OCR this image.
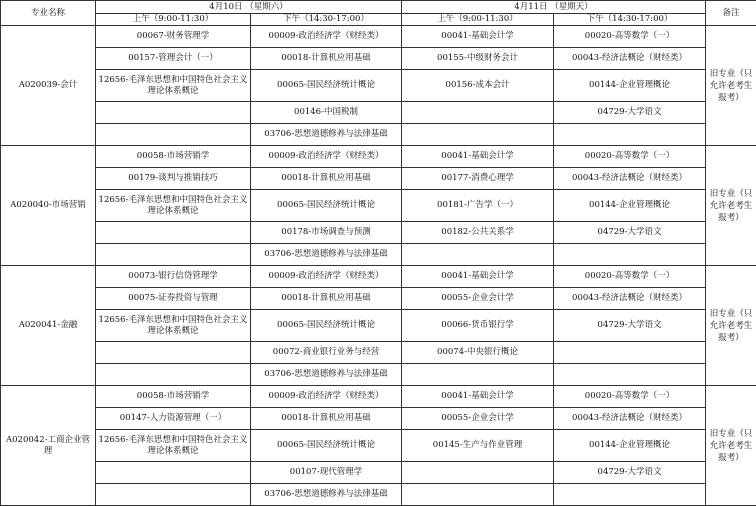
专业名称	4月10日 （星期六）		4月11日 （星期天）		备注
	上午（9:00-11:30）	下午（14:30-17:00）	上午（9:00-11:30）	下午（14:30-17:00）	
A020039-会计	00067-财务管理学	00009-政治经济学（财经类）	00041-基础会计学	00020-高等数学（一）	旧专业（只允许老考生报考）
	00157-管理会计（一）	00018-计算机应用基础	00155-中级财务会计	00043-经济法概论（财经类）	
	12656-毛泽东思想和中国特色社会主义理论体系概论	00065-国民经济统计概论	00156-成本会计	00144-企业管理概论	
		00146-中国税制		04729-大学语文	
		03706-思想道德修养与法律基础			
A020040-市场营销	00058-市场营销学	00009-政治经济学（财经类）	00041-基础会计学	00020-高等数学（一）	旧专业（只允许老考生报考）
	00179-谈判与推销技巧	00018-计算机应用基础	00177-消费心理学	00043-经济法概论（财经类）	
	12656-毛泽东思想和中国特色社会主义理论体系概论	00065-国民经济统计概论	00181-广告学（一）	00144-企业管理概论	
		00178-市场调查与预测	00182-公共关系学	04729-大学语文	
		03706-思想道德修养与法律基础			
A020041-金融	00073-银行信贷管理学	00009-政治经济学（财经类）	00041-基础会计学	00020-高等数学（一）	旧专业（只允许老考生报考）
	00075-证券投资与管理	00018-计算机应用基础	00055-企业会计学	00043-经济法概论（财经类）	
	12656-毛泽东思想和中国特色社会主义理论体系概论	00065-国民经济统计概论	00066-货币银行学	04729-大学语文	
		00072-商业银行业务与经营	00074-中央银行概论		
		03706-思想道德修养与法律基础			
A020042-工商企业管理	00058-市场营销学	00009-政治经济学（财经类）	00041-基础会计学	00020-高等数学（一）	旧专业（只允许老考生报考）
	00147-人力资源管理（一）	00018-计算机应用基础	00055-企业会计学	00043-经济法概论（财经类）	
	12656-毛泽东思想和中国特色社会主义理论体系概论	00065-国民经济统计概论	00145-生产与作业管理	00144-企业管理概论	
		00107-现代管理学		04729-大学语文	
		03706-思想道德修养与法律基础			
